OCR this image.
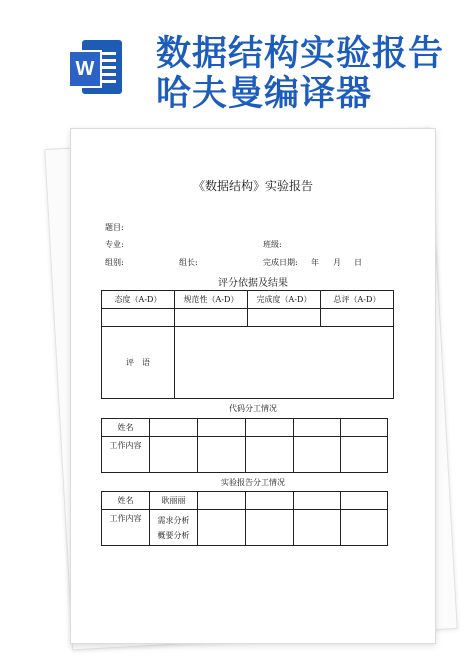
W 数据结构实验报告
哈夫曼编译器
《数据结构》实验报告
题目:
专业:	班级:
组别:	组长:	完成日期: 年 月 日
评分依据及结果
态度（A-D）	规范性（A-D）	完成度（A-D）	总评（A-D）

评　语			
代码分工情况
姓名					
工作内容					
实验报告分工情况
姓名	耿丽丽				
工作内容	需求分析
概要分析				
